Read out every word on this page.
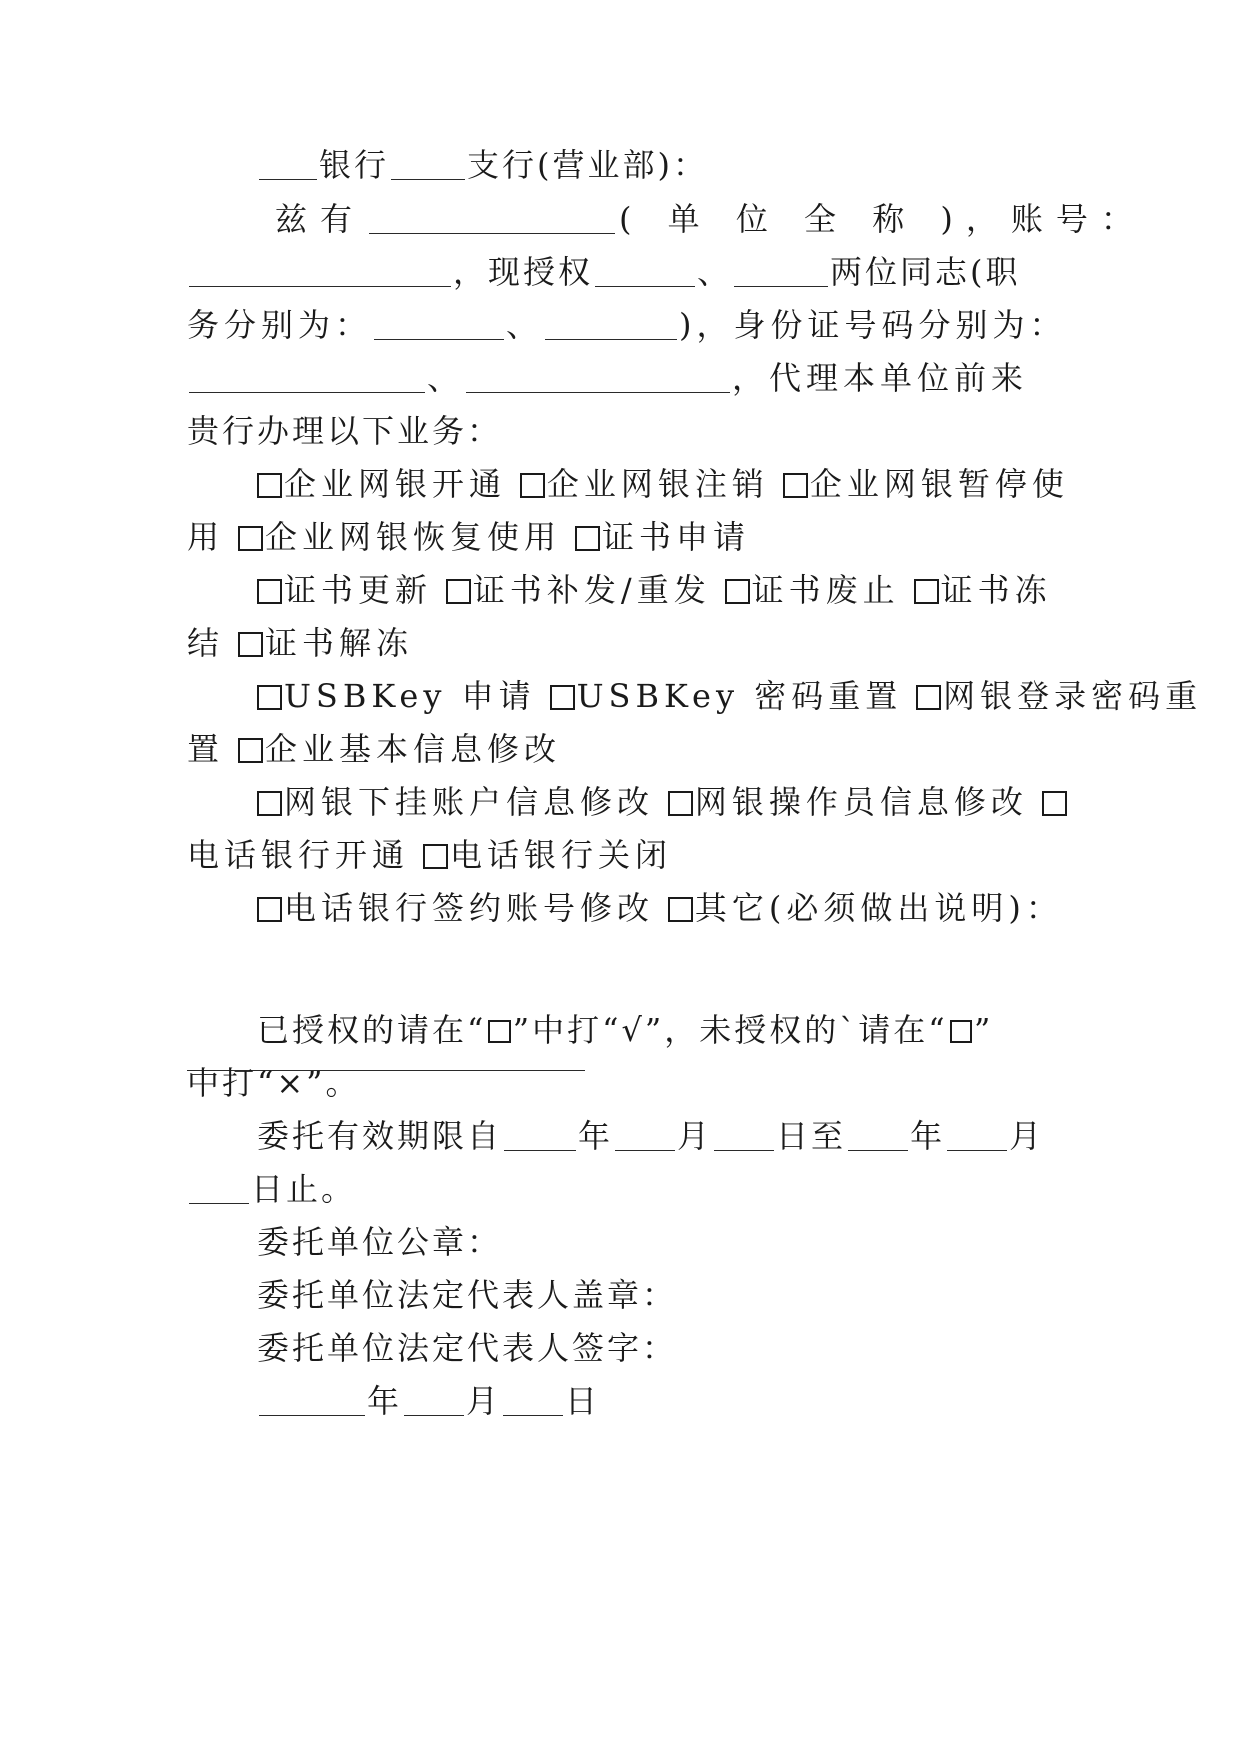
银行 支行(营业部)：
兹有	( 单 位 全 称 )，账号：
，现授权	、	两位同志(职
务分别为：	、	)，身份证号码分别为：
、	，代理本单位前来
贵行办理以下业务：
企业网银开通 企业网银注销 企业网银暂停使
用 企业网银恢复使用 证书申请
证书更新 证书补发/重发 证书废止 证书冻
结 证书解冻
USBKey 申请 USBKey 密码重置 网银登录密码重
置 企业基本信息修改
网银下挂账户信息修改 网银操作员信息修改
电话银行开通 电话银行关闭
电话银行签约账号修改 其它(必须做出说明)：
已授权的请在“ ”中打“√”，未授权的`请在“ ”
中打“×”。
委托有效期限自 年 月 日至 年 月
日止。
委托单位公章：
委托单位法定代表人盖章：
委托单位法定代表人签字：
年 月 日
